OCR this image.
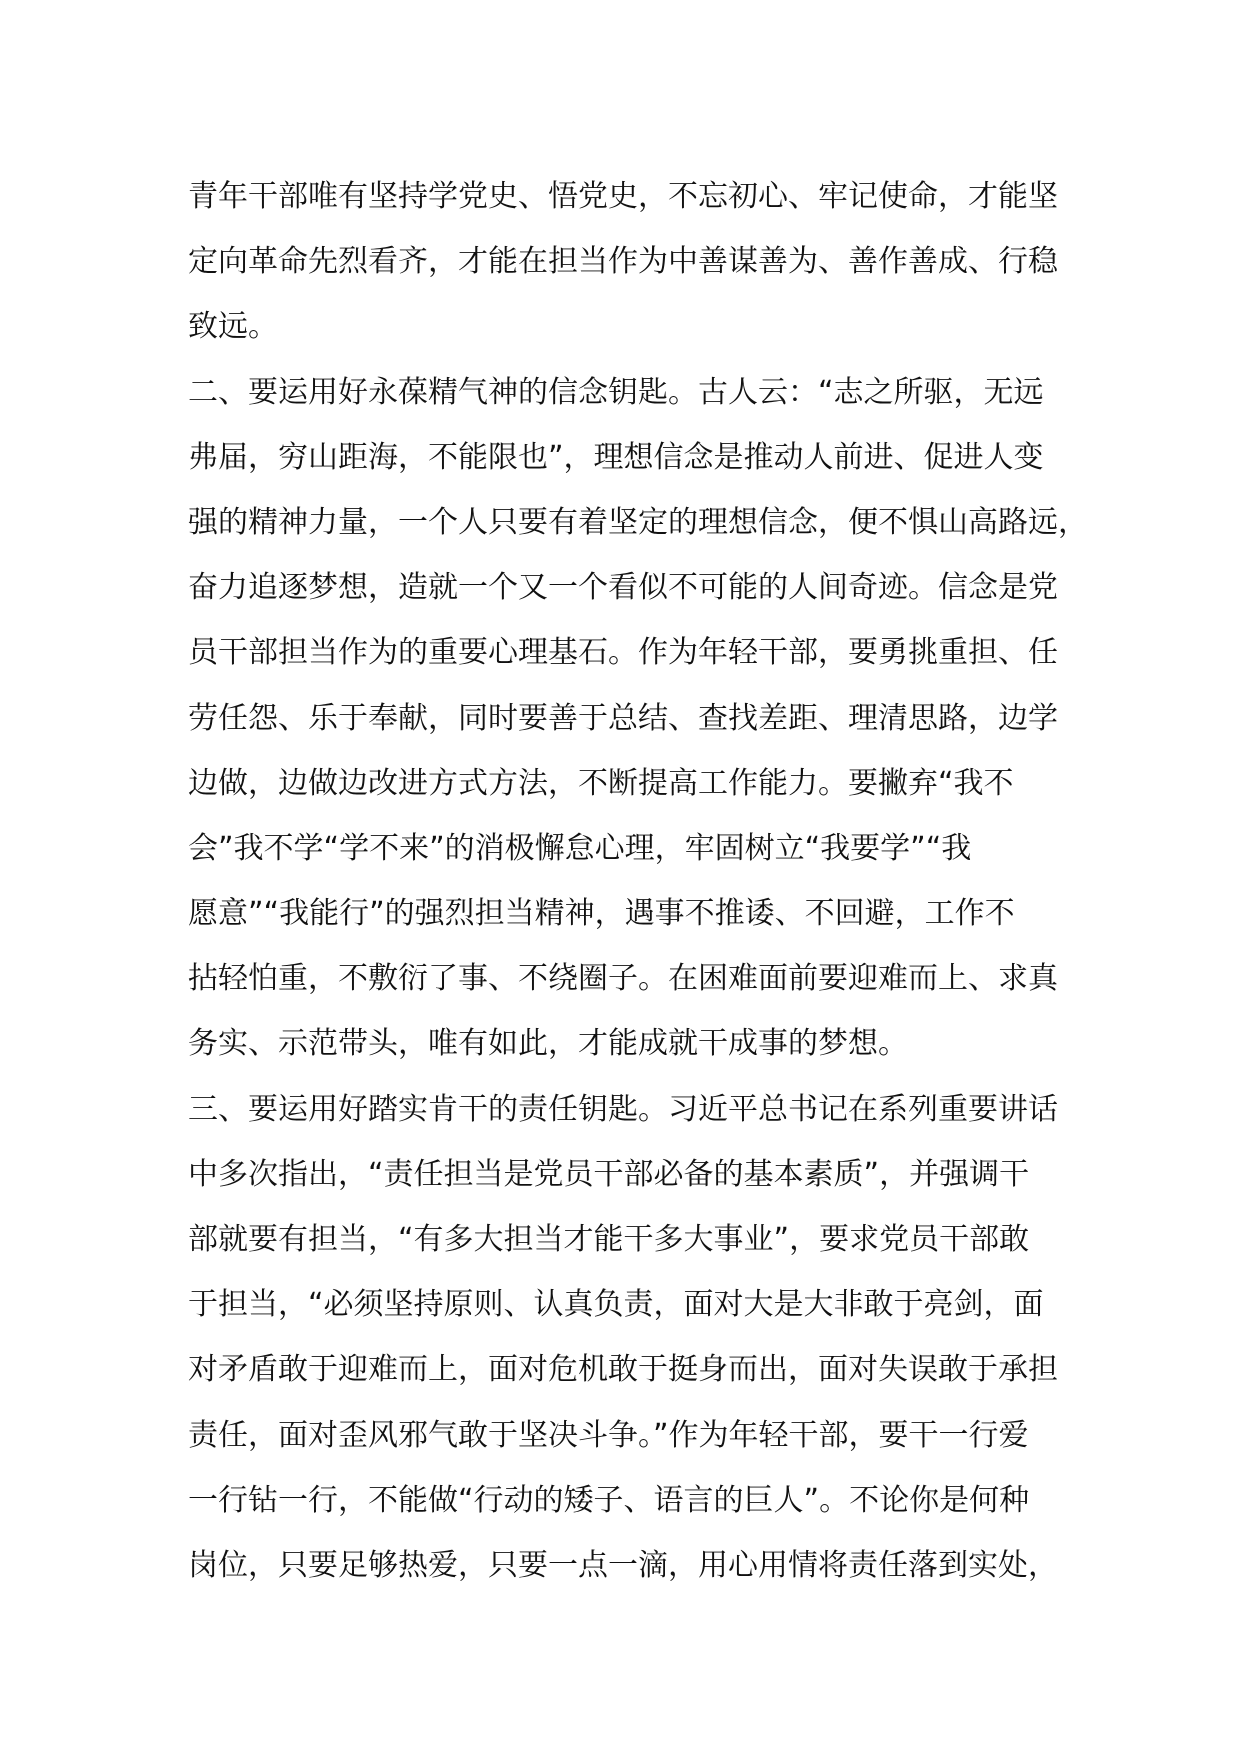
青年干部唯有坚持学党史、悟党史，不忘初心、牢记使命，才能坚
定向革命先烈看齐，才能在担当作为中善谋善为、善作善成、行稳
致远。
二、要运用好永葆精气神的信念钥匙。古人云：“志之所驱，无远
弗届，穷山距海，不能限也”，理想信念是推动人前进、促进人变
强的精神力量，一个人只要有着坚定的理想信念，便不惧山高路远，
奋力追逐梦想，造就一个又一个看似不可能的人间奇迹。信念是党
员干部担当作为的重要心理基石。作为年轻干部，要勇挑重担、任
劳任怨、乐于奉献，同时要善于总结、查找差距、理清思路，边学
边做，边做边改进方式方法，不断提高工作能力。要撇弃“我不
会”我不学“学不来”的消极懈怠心理，牢固树立“我要学”“我
愿意”“我能行”的强烈担当精神，遇事不推诿、不回避，工作不
拈轻怕重，不敷衍了事、不绕圈子。在困难面前要迎难而上、求真
务实、示范带头，唯有如此，才能成就干成事的梦想。
三、要运用好踏实肯干的责任钥匙。习近平总书记在系列重要讲话
中多次指出，“责任担当是党员干部必备的基本素质”，并强调干
部就要有担当，“有多大担当才能干多大事业”，要求党员干部敢
于担当，“必须坚持原则、认真负责，面对大是大非敢于亮剑，面
对矛盾敢于迎难而上，面对危机敢于挺身而出，面对失误敢于承担
责任，面对歪风邪气敢于坚决斗争。”作为年轻干部，要干一行爱
一行钻一行，不能做“行动的矮子、语言的巨人”。不论你是何种
岗位，只要足够热爱，只要一点一滴，用心用情将责任落到实处，
